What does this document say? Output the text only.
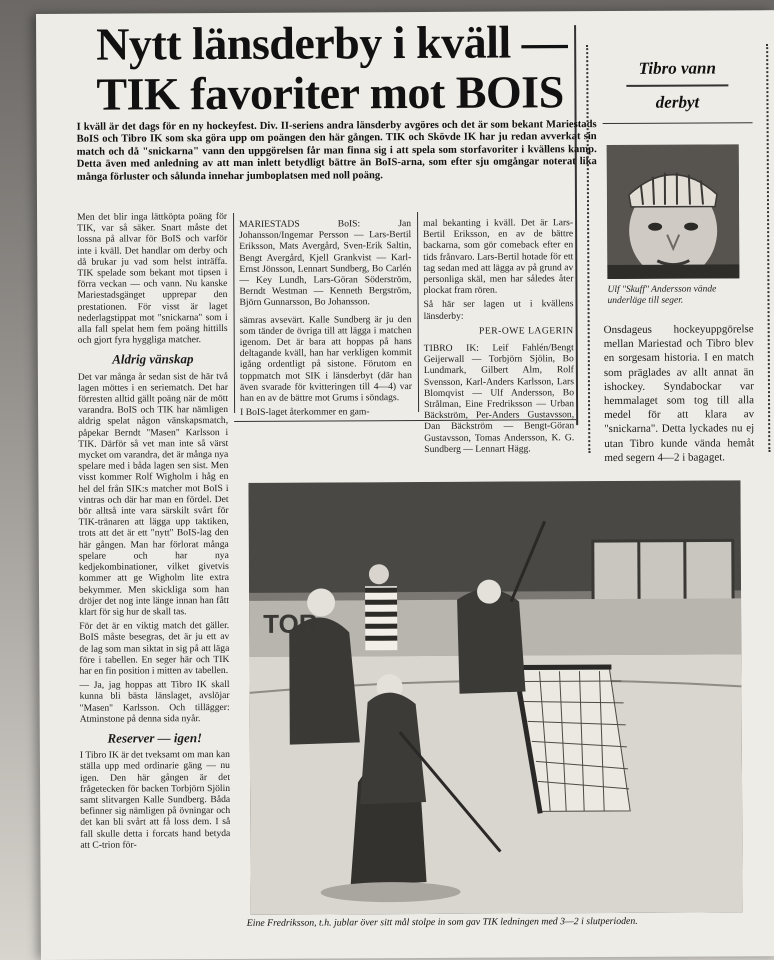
Nytt länsderby i kväll —
TIK favoriter mot BOIS
I kväll är det dags för en ny hockeyfest. Div. II-seriens andra länsderby avgöres och det är som bekant Mariestads BoIS och Tibro IK som ska göra upp om poängen den här gången. TIK och Skövde IK har ju redan avverkat sin match och då "snickarna" vann den uppgörelsen får man finna sig i att spela som storfavoriter i kvällens kamp. Detta även med anledning av att man inlett betydligt bättre än BoIS-arna, som efter sju omgångar noterat lika många förluster och sålunda innehar jumboplatsen med noll poäng.
Men det blir inga lättköpta poäng för TIK, var så säker. Snart måste det lossna på allvar för BoIS och varför inte i kväll. Det handlar om derby och då brukar ju vad som helst inträffa. TIK spelade som bekant mot tipsen i förra veckan — och vann. Nu kanske Mariestadsgänget upprepar den prestationen. För visst är laget nederlagstippat mot "snickarna" som i alla fall spelat hem fem poäng hittills och gjort fyra hyggliga matcher.
Aldrig vänskap
Det var många år sedan sist de här två lagen möttes i en seriematch. Det har förresten alltid gällt poäng när de mött varandra. BoIS och TIK har nämligen aldrig spelat någon vänskapsmatch, påpekar Berndt "Masen" Karlsson i TIK. Därför så vet man inte så värst mycket om varandra, det är många nya spelare med i båda lagen sen sist. Men visst kommer Rolf Wigholm i håg en hel del från SIK:s matcher mot BoIS i vintras och där har man en fördel. Det bör alltså inte vara särskilt svårt för TIK-tränaren att lägga upp taktiken, trots att det är ett "nytt" BoIS-lag den här gången. Man har förlorat många spelare och har nya kedjekombinationer, vilket givetvis kommer att ge Wigholm lite extra bekymmer. Men skickliga som han dröjer det nog inte länge innan han fått klart för sig hur de skall tas.
För det är en viktig match det gäller. BoIS måste besegras, det är ju ett av de lag som man siktat in sig på att läga före i tabellen. En seger här och TIK har en fin position i mitten av tabellen.
— Ja, jag hoppas att Tibro IK skall kunna bli bästa länslaget, avslöjar "Masen" Karlsson. Och tillägger: Atminstone på denna sida nyår.
Reserver — igen!
I Tibro IK är det tveksamt om man kan ställa upp med ordinarie gäng — nu igen. Den här gången är det frågetecken för backen Torbjörn Sjölin samt slitvargen Kalle Sundberg. Båda befinner sig nämligen på övningar och det kan bli svårt att få loss dem. I så fall skulle detta i forcats hand betyda att C-trion för-
MARIESTADS BoIS: Jan Johansson/Ingemar Persson — Lars-Bertil Eriksson, Mats Avergård, Sven-Erik Saltin, Bengt Avergård, Kjell Grankvist — Karl-Ernst Jönsson, Lennart Sundberg, Bo Carlén — Key Lundh, Lars-Göran Söderström, Berndt Westman — Kenneth Bergström, Björn Gunnarsson, Bo Johansson.
sämras avsevärt. Kalle Sundberg är ju den som tänder de övriga till att lägga i matchen igenom. Det är bara att hoppas på hans deltagande kväll, han har verkligen kommit igång ordentligt på sistone. Förutom en toppmatch mot SIK i länsderbyt (där han även svarade för kvitteringen till 4—4) var han en av de bättre mot Grums i söndags.
I BoIS-laget återkommer en gam-
mal bekanting i kväll. Det är Lars-Bertil Eriksson, en av de bättre backarna, som gör comeback efter en tids frånvaro. Lars-Bertil hotade för ett tag sedan med att lägga av på grund av personliga skäl, men har således åter plockat fram rören.
Så här ser lagen ut i kvällens länsderby:
PER-OWE LAGERIN
TIBRO IK: Leif Fahlén/Bengt Geijerwall — Torbjörn Sjölin, Bo Lundmark, Gilbert Alm, Rolf Svensson, Karl-Anders Karlsson, Lars Blomqvist — Ulf Andersson, Bo Strålman, Eine Fredriksson — Urban Bäckström, Per-Anders Gustavsson, Dan Bäckström — Bengt-Göran Gustavsson, Tomas Andersson, K. G. Sundberg — Lennart Hägg.
Tibro vann
derbyt
Ulf "Skuff" Andersson vände underläge till seger.
Onsdageus hockeyuppgörelse mellan Mariestad och Tibro blev en sorgesam historia. I en match som präglades av allt annat än ishockey. Syndabockar var hemmalaget som tog till alla medel för att klara av "snickarna". Detta lyckades nu ej utan Tibro kunde vända hemåt med segern 4—2 i bagaget.
TOR
Eine Fredriksson, t.h. jublar över sitt mål stolpe in som gav TIK ledningen med 3—2 i slutperioden.
